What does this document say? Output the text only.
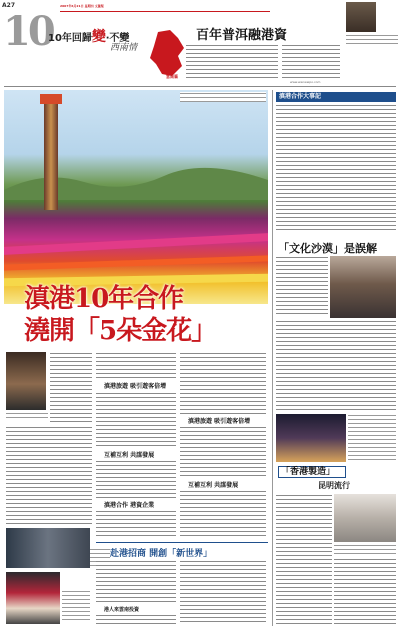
A27
10
10年回歸變‧不變
西南情
2007年6月21日 星期四 文匯報
雲南篇
百年普洱融港資
www.wenweipo.com
滇港10年合作
澆開「5朵金花」
滇港旅遊 吸引遊客倍增
互補互利 共謀發展
滇港合作 港資企業
滇港旅遊 吸引遊客倍增
互補互利 共謀發展
赴港招商 開創「新世界」
港人來雲南投資
滇港合作大事記
「文化沙漠」是誤解
「香港製造」
昆明流行
